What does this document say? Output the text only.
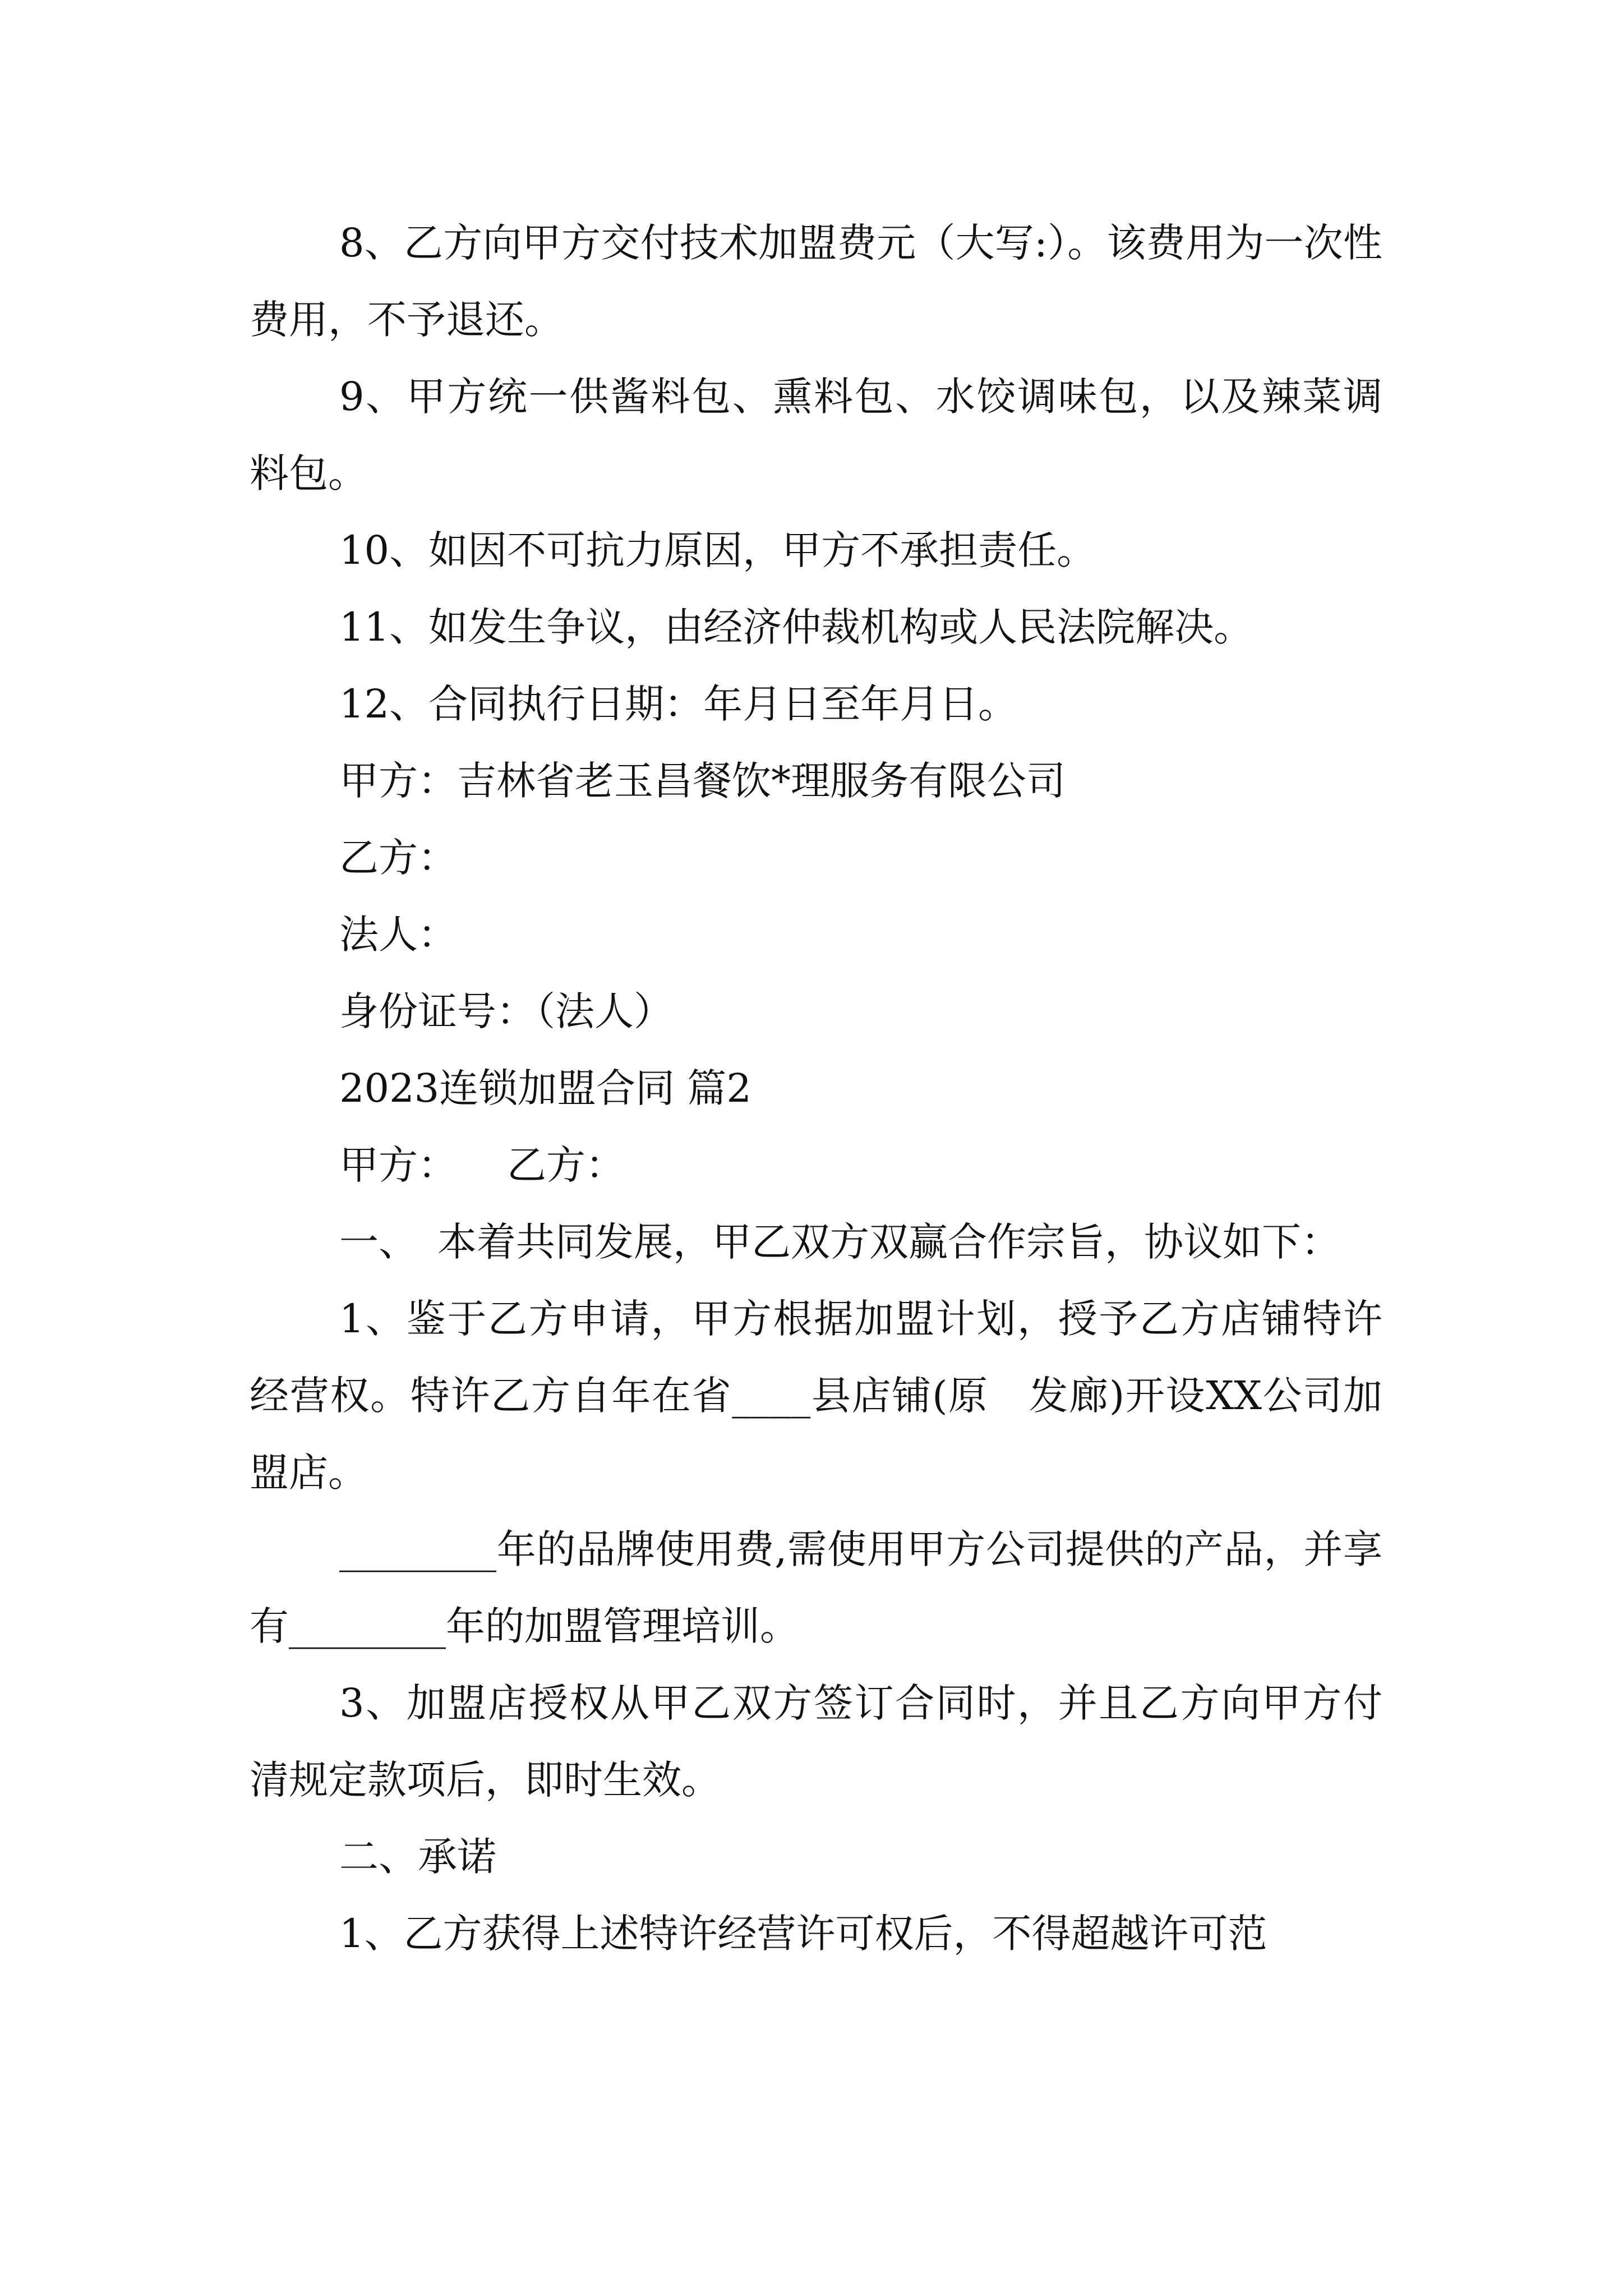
8、乙方向甲方交付技术加盟费元（大写:）。该费用为一次性费用，不予退还。

9、甲方统一供酱料包、熏料包、水饺调味包，以及辣菜调料包。

10、如因不可抗力原因，甲方不承担责任。

11、如发生争议，由经济仲裁机构或人民法院解决。

12、合同执行日期：年月日至年月日。

甲方：吉林省老玉昌餐饮*理服务有限公司

乙方：

法人：

身份证号：（法人）

2023连锁加盟合同 篇2

甲方：    乙方：

一、　本着共同发展，甲乙双方双赢合作宗旨，协议如下：

1、鉴于乙方申请，甲方根据加盟计划，授予乙方店铺特许经营权。特许乙方自年在省____县店铺(原　发廊)开设XX公司加盟店。

________年的品牌使用费,需使用甲方公司提供的产品，并享有________年的加盟管理培训。

3、加盟店授权从甲乙双方签订合同时，并且乙方向甲方付清规定款项后，即时生效。

二、承诺

1、乙方获得上述特许经营许可权后，不得超越许可范
